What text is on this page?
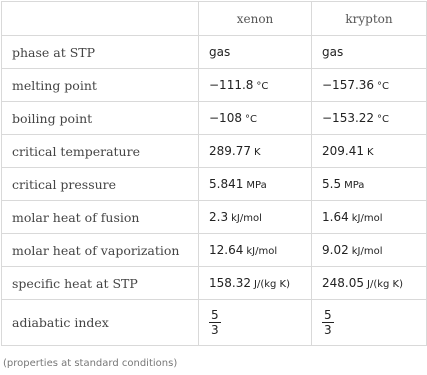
	xenon	krypton
phase at STP	gas	gas
melting point	−111.8 °C	−157.36 °C
boiling point	−108 °C	−153.22 °C
critical temperature	289.77 K	209.41 K
critical pressure	5.841 MPa	5.5 MPa
molar heat of fusion	2.3 kJ/mol	1.64 kJ/mol
molar heat of vaporization	12.64 kJ/mol	9.02 kJ/mol
specific heat at STP	158.32 J/(kg K)	248.05 J/(kg K)
adiabatic index	$\frac{5}{3}$	$\frac{5}{3}$
(properties at standard conditions)
